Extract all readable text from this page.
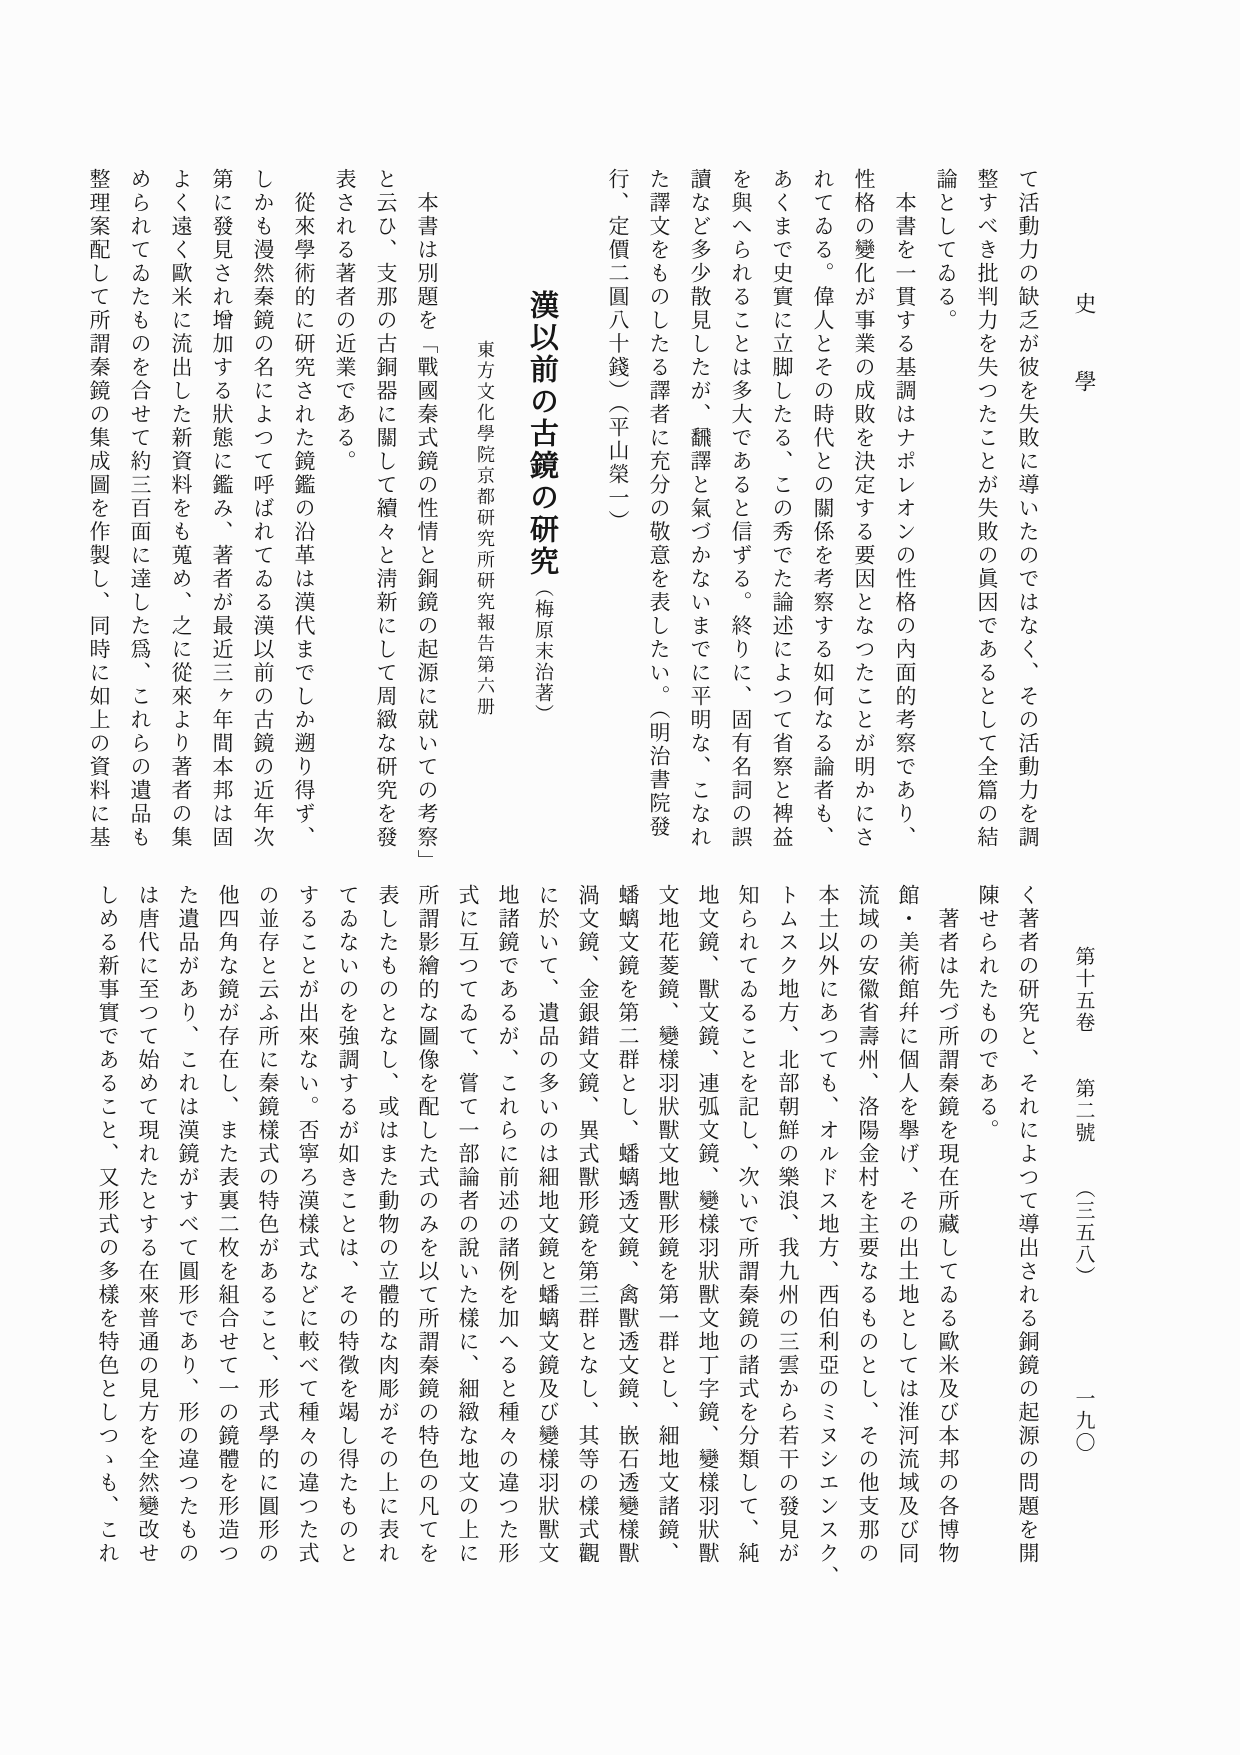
史　　學
第十五卷　　第二號　　（三五八）　　　　　一九〇

て活動力の缺乏が彼を失敗に導いたのではなく、その活動力を調

整すべき批判力を失つたことが失敗の眞因であるとして全篇の結

論としてゐる。

　本書を一貫する基調はナポレオンの性格の內面的考察であり、

性格の變化が事業の成敗を決定する要因となつたことが明かにさ

れてゐる。偉人とその時代との關係を考察する如何なる論者も、

あくまで史實に立脚したる、この秀でた論述によつて省察と裨益

を與へられることは多大であると信ずる。終りに、固有名詞の誤

讀など多少散見したが、飜譯と氣づかないまでに平明な、こなれ

た譯文をものしたる譯者に充分の敬意を表したい。（明治書院發

行、定價二圓八十錢）（平山榮一）

漢以前の古鏡の研究（梅原末治著）

東方文化學院京都研究所研究報告第六册

　本書は別題を「戰國秦式鏡の性情と銅鏡の起源に就いての考察」

と云ひ、支那の古銅器に關して續々と淸新にして周緻な研究を發

表される著者の近業である。

　從來學術的に研究された鏡鑑の沿革は漢代までしか遡り得ず、

しかも漫然秦鏡の名によつて呼ばれてゐる漢以前の古鏡の近年次

第に發見され增加する狀態に鑑み、著者が最近三ヶ年間本邦は固

よく遠く歐米に流出した新資料をも蒐め、之に從來より著者の集

められてゐたものを合せて約三百面に達した爲、これらの遺品も

整理案配して所謂秦鏡の集成圖を作製し、同時に如上の資料に基

く著者の研究と、それによつて導出される銅鏡の起源の問題を開

陳せられたものである。

　著者は先づ所謂秦鏡を現在所藏してゐる歐米及び本邦の各博物

館・美術館幷に個人を擧げ、その出土地としては淮河流域及び同

流域の安徽省壽州、洛陽金村を主要なるものとし、その他支那の

本土以外にあつても、オルドス地方、西伯利亞のミヌシエンスク、

トムスク地方、北部朝鮮の樂浪、我九州の三雲から若干の發見が

知られてゐることを記し、次いで所謂秦鏡の諸式を分類して、純

地文鏡、獸文鏡、連弧文鏡、變樣羽狀獸文地丁字鏡、變樣羽狀獸

文地花菱鏡、變樣羽狀獸文地獸形鏡を第一群とし、細地文諸鏡、

蟠螭文鏡を第二群とし、蟠螭透文鏡、禽獸透文鏡、嵌石透變樣獸

渦文鏡、金銀錯文鏡、異式獸形鏡を第三群となし、其等の樣式觀

に於いて、遺品の多いのは細地文鏡と蟠螭文鏡及び變樣羽狀獸文

地諸鏡であるが、これらに前述の諸例を加へると種々の違つた形

式に互つてゐて、嘗て一部論者の說いた樣に、細緻な地文の上に

所謂影繪的な圖像を配した式のみを以て所謂秦鏡の特色の凡てを

表したものとなし、或はまた動物の立體的な肉彫がその上に表れ

てゐないのを強調するが如きことは、その特徵を竭し得たものと

することが出來ない。否寧ろ漢樣式などに較べて種々の違つた式

の並存と云ふ所に秦鏡樣式の特色があること、形式學的に圓形の

他四角な鏡が存在し、また表裏二枚を組合せて一の鏡體を形造つ

た遺品があり、これは漢鏡がすべて圓形であり、形の違つたもの

は唐代に至つて始めて現れたとする在來普通の見方を全然變改せ

しめる新事實であること、又形式の多樣を特色としつゝも、これ
